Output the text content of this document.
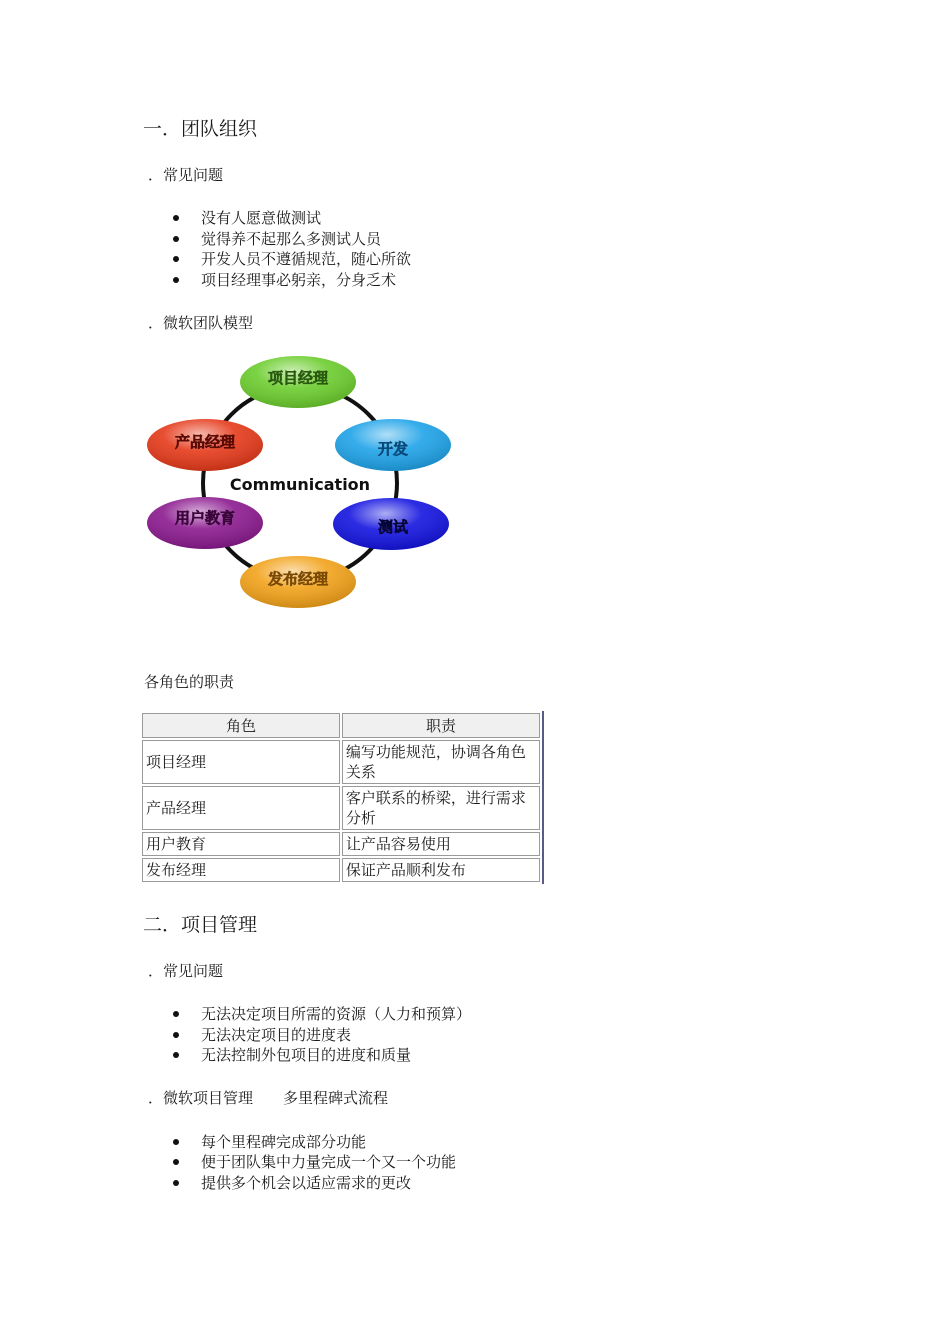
一．团队组织
．常见问题
没有人愿意做测试
觉得养不起那么多测试人员
开发人员不遵循规范，随心所欲
项目经理事必躬亲，分身乏术
．微软团队模型
Communication
项目经理
开发
测试
发布经理
用户教育
产品经理
各角色的职责
角色	职责
项目经理	编写功能规范，协调各角色关系
产品经理	客户联系的桥梁，进行需求分析
用户教育	让产品容易使用
发布经理	保证产品顺利发布
二．项目管理
．常见问题
无法决定项目所需的资源（人力和预算）
无法决定项目的进度表
无法控制外包项目的进度和质量
．微软项目管理　　多里程碑式流程
每个里程碑完成部分功能
便于团队集中力量完成一个又一个功能
提供多个机会以适应需求的更改
